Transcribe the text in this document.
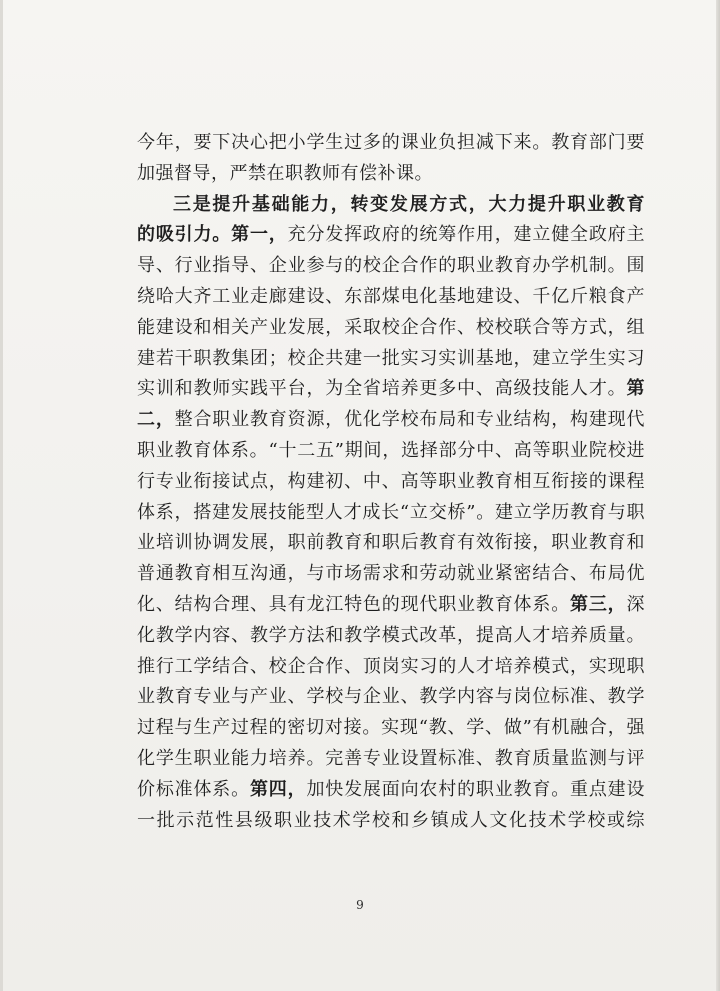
今年，要下决心把小学生过多的课业负担减下来。教育部门要
加强督导，严禁在职教师有偿补课。
三是提升基础能力，转变发展方式，大力提升职业教育
的吸引力。第一，充分发挥政府的统筹作用，建立健全政府主
导、行业指导、企业参与的校企合作的职业教育办学机制。围
绕哈大齐工业走廊建设、东部煤电化基地建设、千亿斤粮食产
能建设和相关产业发展，采取校企合作、校校联合等方式，组
建若干职教集团；校企共建一批实习实训基地，建立学生实习
实训和教师实践平台，为全省培养更多中、高级技能人才。第
二，整合职业教育资源，优化学校布局和专业结构，构建现代
职业教育体系。“十二五”期间，选择部分中、高等职业院校进
行专业衔接试点，构建初、中、高等职业教育相互衔接的课程
体系，搭建发展技能型人才成长“立交桥”。建立学历教育与职
业培训协调发展，职前教育和职后教育有效衔接，职业教育和
普通教育相互沟通，与市场需求和劳动就业紧密结合、布局优
化、结构合理、具有龙江特色的现代职业教育体系。第三，深
化教学内容、教学方法和教学模式改革，提高人才培养质量。
推行工学结合、校企合作、顶岗实习的人才培养模式，实现职
业教育专业与产业、学校与企业、教学内容与岗位标准、教学
过程与生产过程的密切对接。实现“教、学、做”有机融合，强
化学生职业能力培养。完善专业设置标准、教育质量监测与评
价标准体系。第四，加快发展面向农村的职业教育。重点建设
一批示范性县级职业技术学校和乡镇成人文化技术学校或综
9
